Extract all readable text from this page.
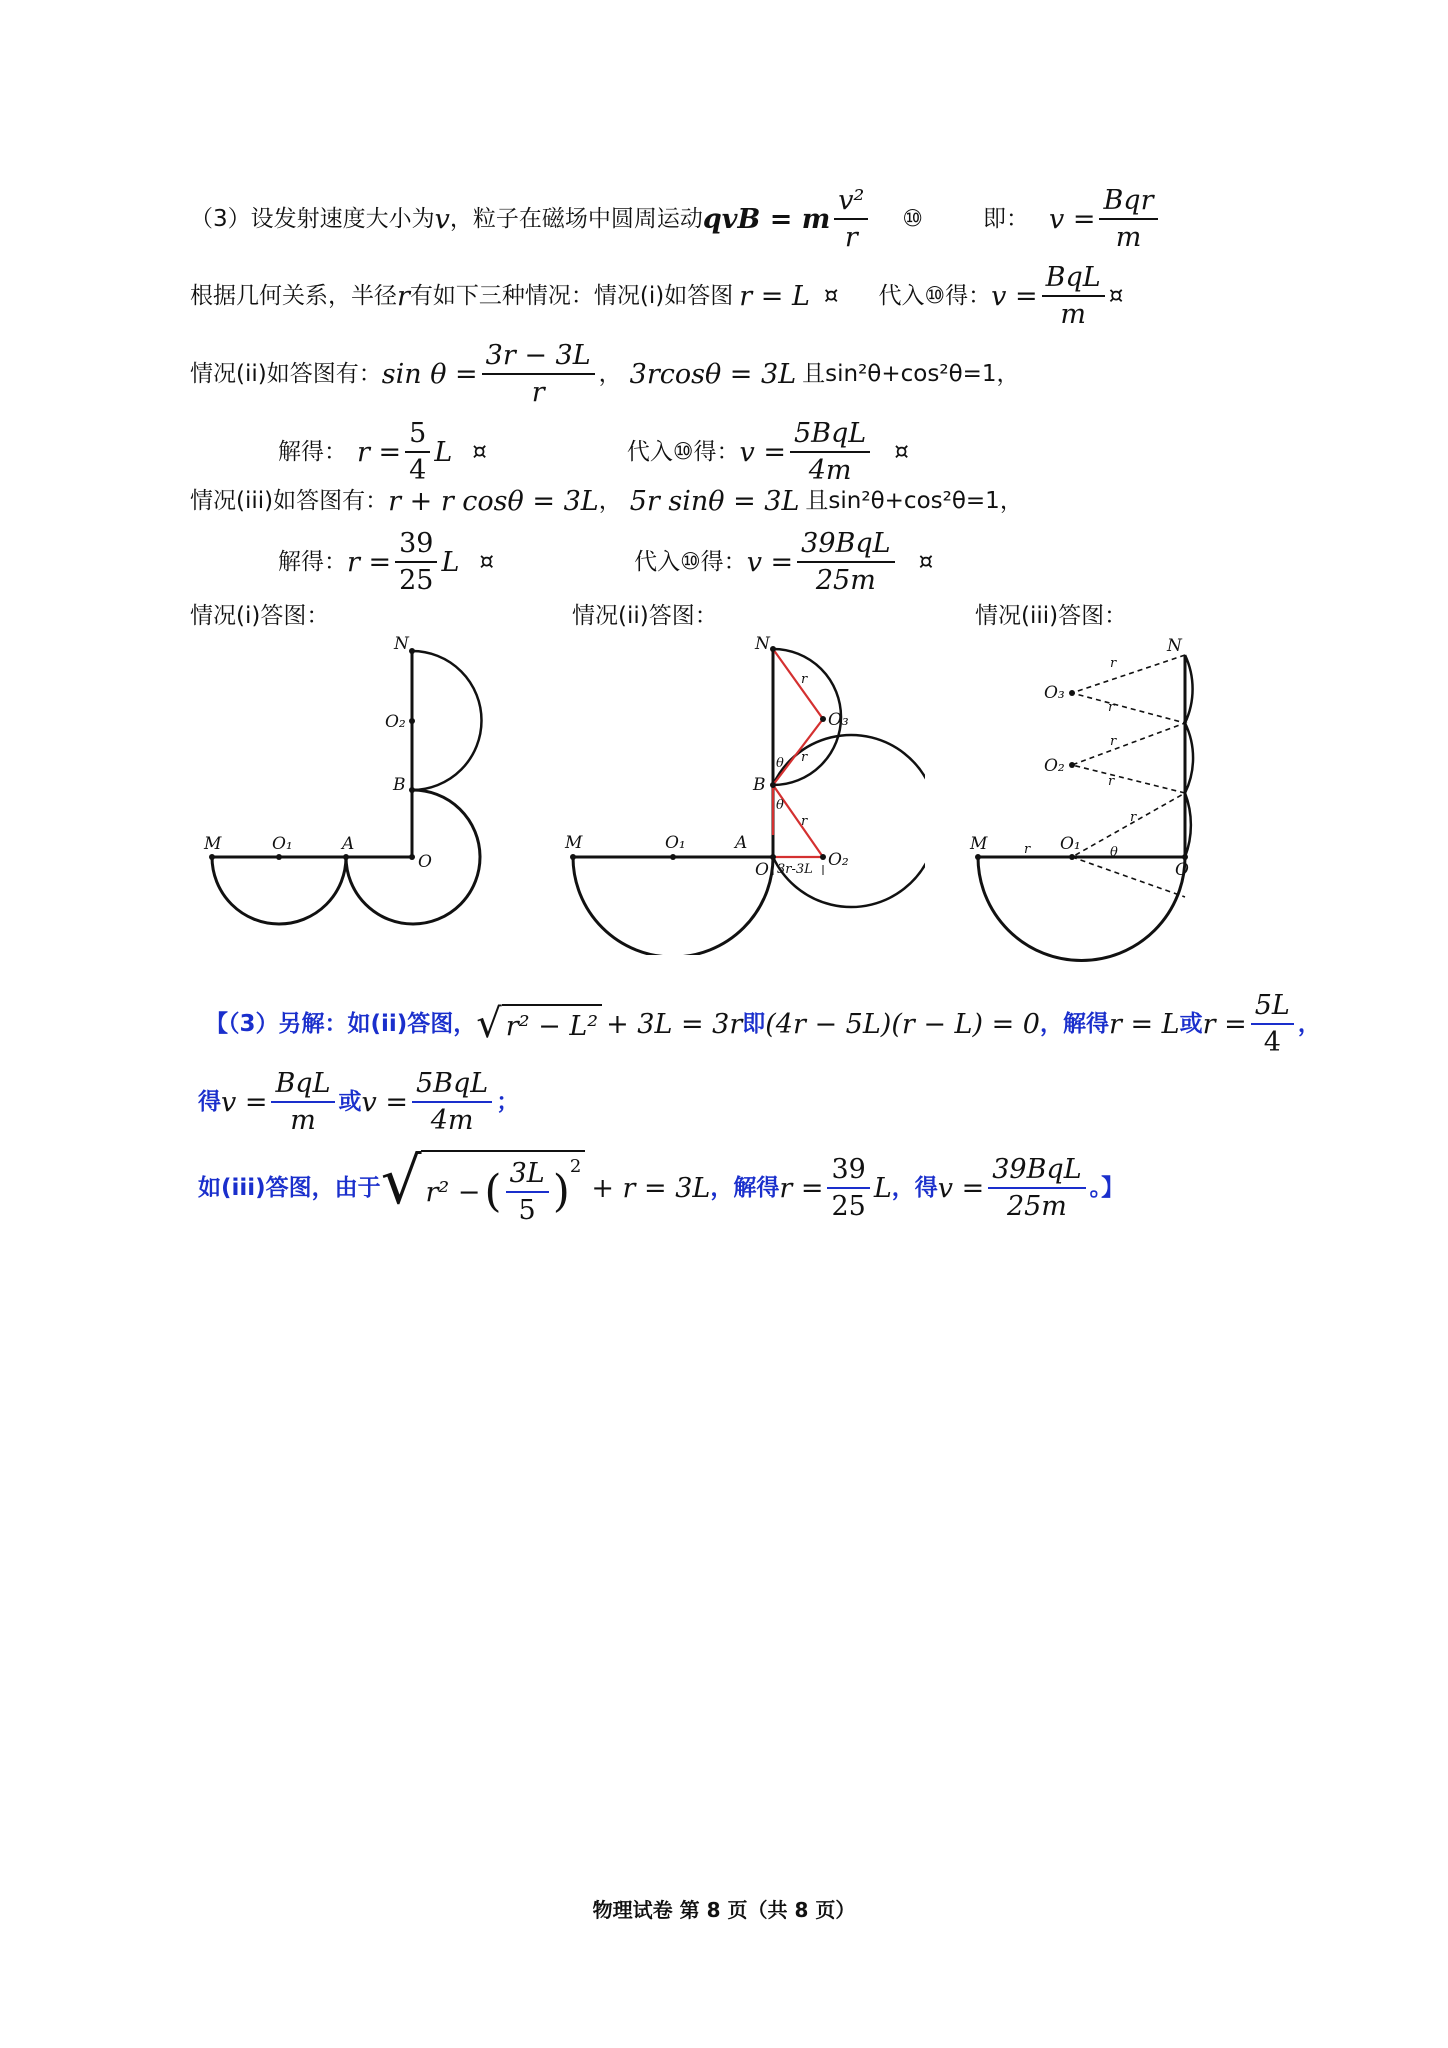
（3）设发射速度大小为 v ，粒子在磁场中圆周运动 qvB = m $\frac{\text{v²}}{r}$ ⑩	即： $v = \frac{\text{Bqr}}{m}$
根据几何关系，半径 r 有如下三种情况：情况(i)如答图 r = L ¤ 代入⑩得： $v = \frac{\text{BqL}}{m}$ ¤
情况(ii)如答图有： $\sin \theta = \frac{3r - 3L}{r}$ ， 3rcosθ = 3L 且sin²θ+cos²θ=1，
解得： $r = \frac{5}{4}$ L ¤	代入⑩得： $v = \frac{\text{5BqL}}{4m}$ ¤
情况(iii)如答图有： r + r cosθ = 3L ， 5r sinθ = 3L 且sin²θ+cos²θ=1，
解得： $r = \frac{39}{25}$ L ¤	代入⑩得： $v = \frac{\text{39BqL}}{25m}$ ¤
情况(i)答图：	情况(ii)答图：	情况(iii)答图：
M	O₁	A
O
B
O₂
N
M	O₁	A
O
B
N
O₃
O₂
r
r
r
θ
θ
3r-3L
M	O₁
O
O₂
O₃
N
r
r
r
r
r
r
θ
【（3）另解：如(ii)答图， √ r² − L² + 3L = 3r 即 (4r − 5L)(r − L) = 0 ，解得 r = L 或 $r = \frac{5L}{4}$ ，
得 $v = \frac{\text{BqL}}{m}$ 或 $v = \frac{\text{5BqL}}{4m}$ ；
如(iii)答图，由于 √ r² − ( $\frac{3L}{5} )^2$
+ r = 3L ，解得 $r = \frac{39}{25}$ L ，得 $v = \frac{\text{39BqL}}{25m}$ 。】
物理试卷 第 8 页（共 8 页）
